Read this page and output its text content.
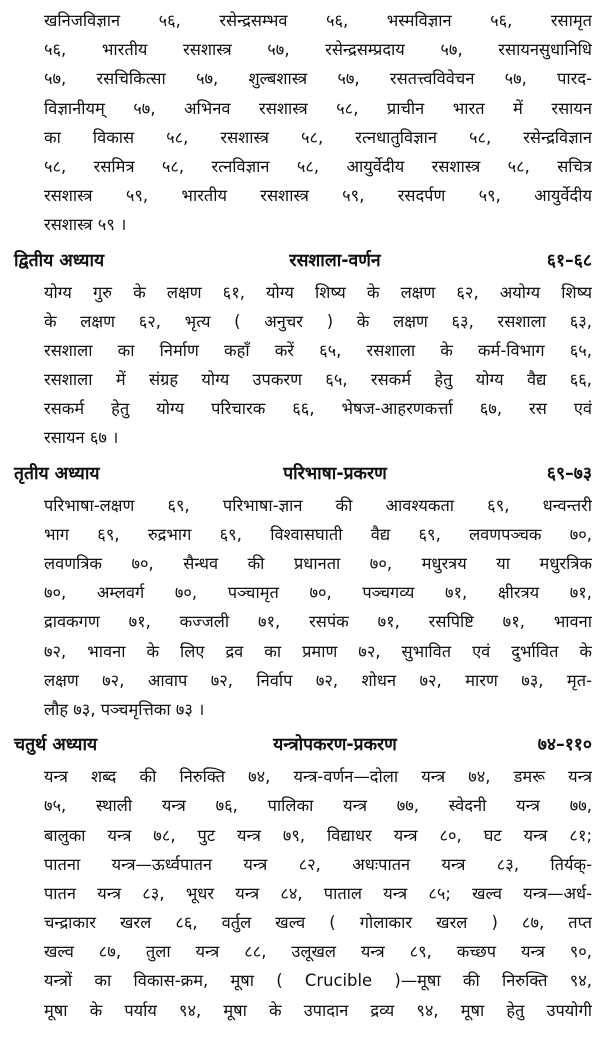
खनिजविज्ञान ५६, रसेन्द्रसम्भव ५६, भस्मविज्ञान ५६, रसामृत
५६, भारतीय रसशास्त्र ५७, रसेन्द्रसम्प्रदाय ५७, रसायनसुधानिधि
५७, रसचिकित्सा ५७, शुल्बशास्त्र ५७, रसतत्त्वविवेचन ५७, पारद-
विज्ञानीयम् ५७, अभिनव रसशास्त्र ५८, प्राचीन भारत में रसायन
का विकास ५८, रसशास्त्र ५८, रत्नधातुविज्ञान ५८, रसेन्द्रविज्ञान
५८, रसमित्र ५८, रत्नविज्ञान ५८, आयुर्वेदीय रसशास्त्र ५८, सचित्र
रसशास्त्र ५९, भारतीय रसशास्त्र ५९, रसदर्पण ५९, आयुर्वेदीय
रसशास्त्र ५९ ।
द्वितीय अध्याय	रसशाला-वर्णन	६१–६८
योग्य गुरु के लक्षण ६१, योग्य शिष्य के लक्षण ६२, अयोग्य शिष्य
के लक्षण ६२, भृत्य ( अनुचर ) के लक्षण ६३, रसशाला ६३,
रसशाला का निर्माण कहाँ करें ६५, रसशाला के कर्म-विभाग ६५,
रसशाला में संग्रह योग्य उपकरण ६५, रसकर्म हेतु योग्य वैद्य ६६,
रसकर्म हेतु योग्य परिचारक ६६, भेषज-आहरणकर्त्ता ६७, रस एवं
रसायन ६७ ।
तृतीय अध्याय	परिभाषा-प्रकरण	६९–७३
परिभाषा-लक्षण ६९, परिभाषा-ज्ञान की आवश्यकता ६९, धन्वन्तरी
भाग ६९, रुद्रभाग ६९, विश्वासघाती वैद्य ६९, लवणपञ्चक ७०,
लवणत्रिक ७०, सैन्धव की प्रधानता ७०, मधुरत्रय या मधुरत्रिक
७०, अम्लवर्ग ७०, पञ्चामृत ७०, पञ्चगव्य ७१, क्षीरत्रय ७१,
द्रावकगण ७१, कज्जली ७१, रसपंक ७१, रसपिष्टि ७१, भावना
७२, भावना के लिए द्रव का प्रमाण ७२, सुभावित एवं दुर्भावित के
लक्षण ७२, आवाप ७२, निर्वाप ७२, शोधन ७२, मारण ७३, मृत-
लौह ७३, पञ्चमृत्तिका ७३ ।
चतुर्थ अध्याय	यन्त्रोपकरण-प्रकरण	७४–११०
यन्त्र शब्द की निरुक्ति ७४, यन्त्र-वर्णन—दोला यन्त्र ७४, डमरू यन्त्र
७५, स्थाली यन्त्र ७६, पालिका यन्त्र ७७, स्वेदनी यन्त्र ७७,
बालुका यन्त्र ७८, पुट यन्त्र ७९, विद्याधर यन्त्र ८०, घट यन्त्र ८१;
पातना यन्त्र—ऊर्ध्वपातन यन्त्र ८२, अधःपातन यन्त्र ८३, तिर्यक्-
पातन यन्त्र ८३, भूधर यन्त्र ८४, पाताल यन्त्र ८५; खल्व यन्त्र—अर्ध-
चन्द्राकार खरल ८६, वर्तुल खल्व ( गोलाकार खरल ) ८७, तप्त
खल्व ८७, तुला यन्त्र ८८, उलूखल यन्त्र ८९, कच्छप यन्त्र ९०,
यन्त्रों का विकास-क्रम, मूषा ( Crucible )—मूषा की निरुक्ति ९४,
मूषा के पर्याय ९४, मूषा के उपादान द्रव्य ९४, मूषा हेतु उपयोगी
